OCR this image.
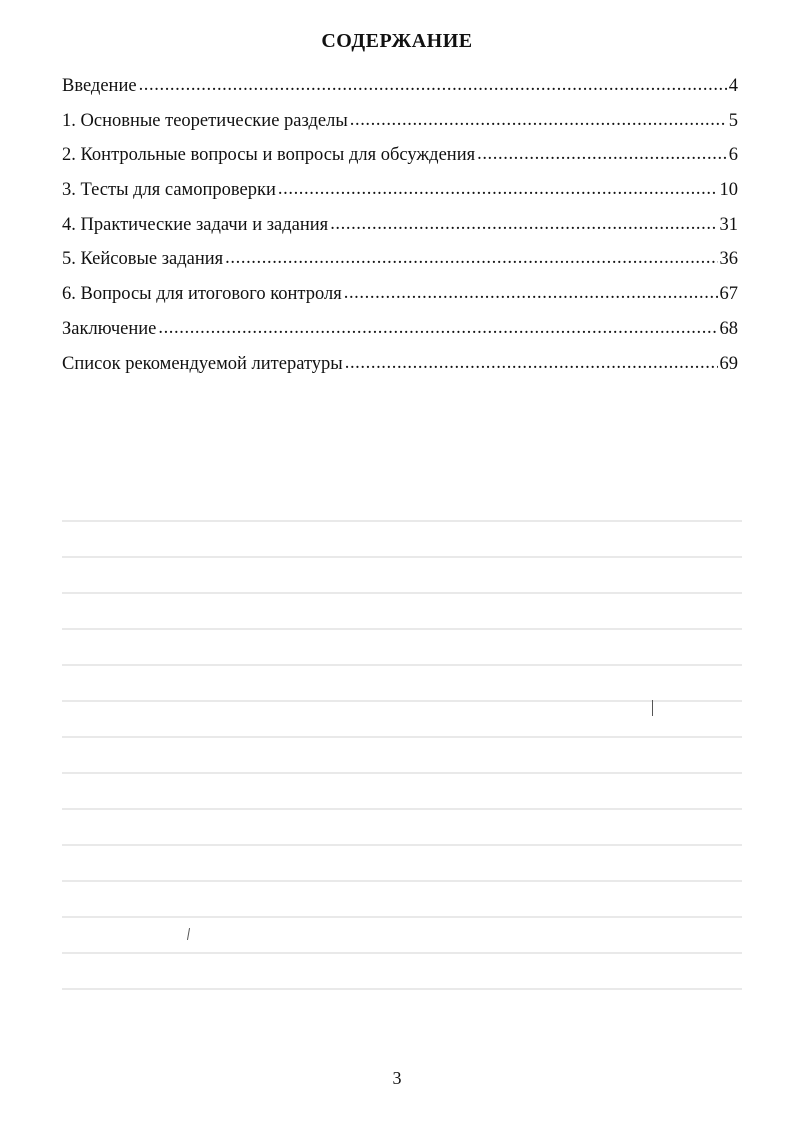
СОДЕРЖАНИЕ
Введение .....	4
1. Основные теоретические разделы .....	5
2. Контрольные вопросы и вопросы для обсуждения .....	6
3. Тесты для самопроверки .....	10
4. Практические задачи и задания .....	31
5. Кейсовые задания .....	36
6. Вопросы для итогового контроля .....	67
Заключение .....	68
Список рекомендуемой литературы .....	69
3
